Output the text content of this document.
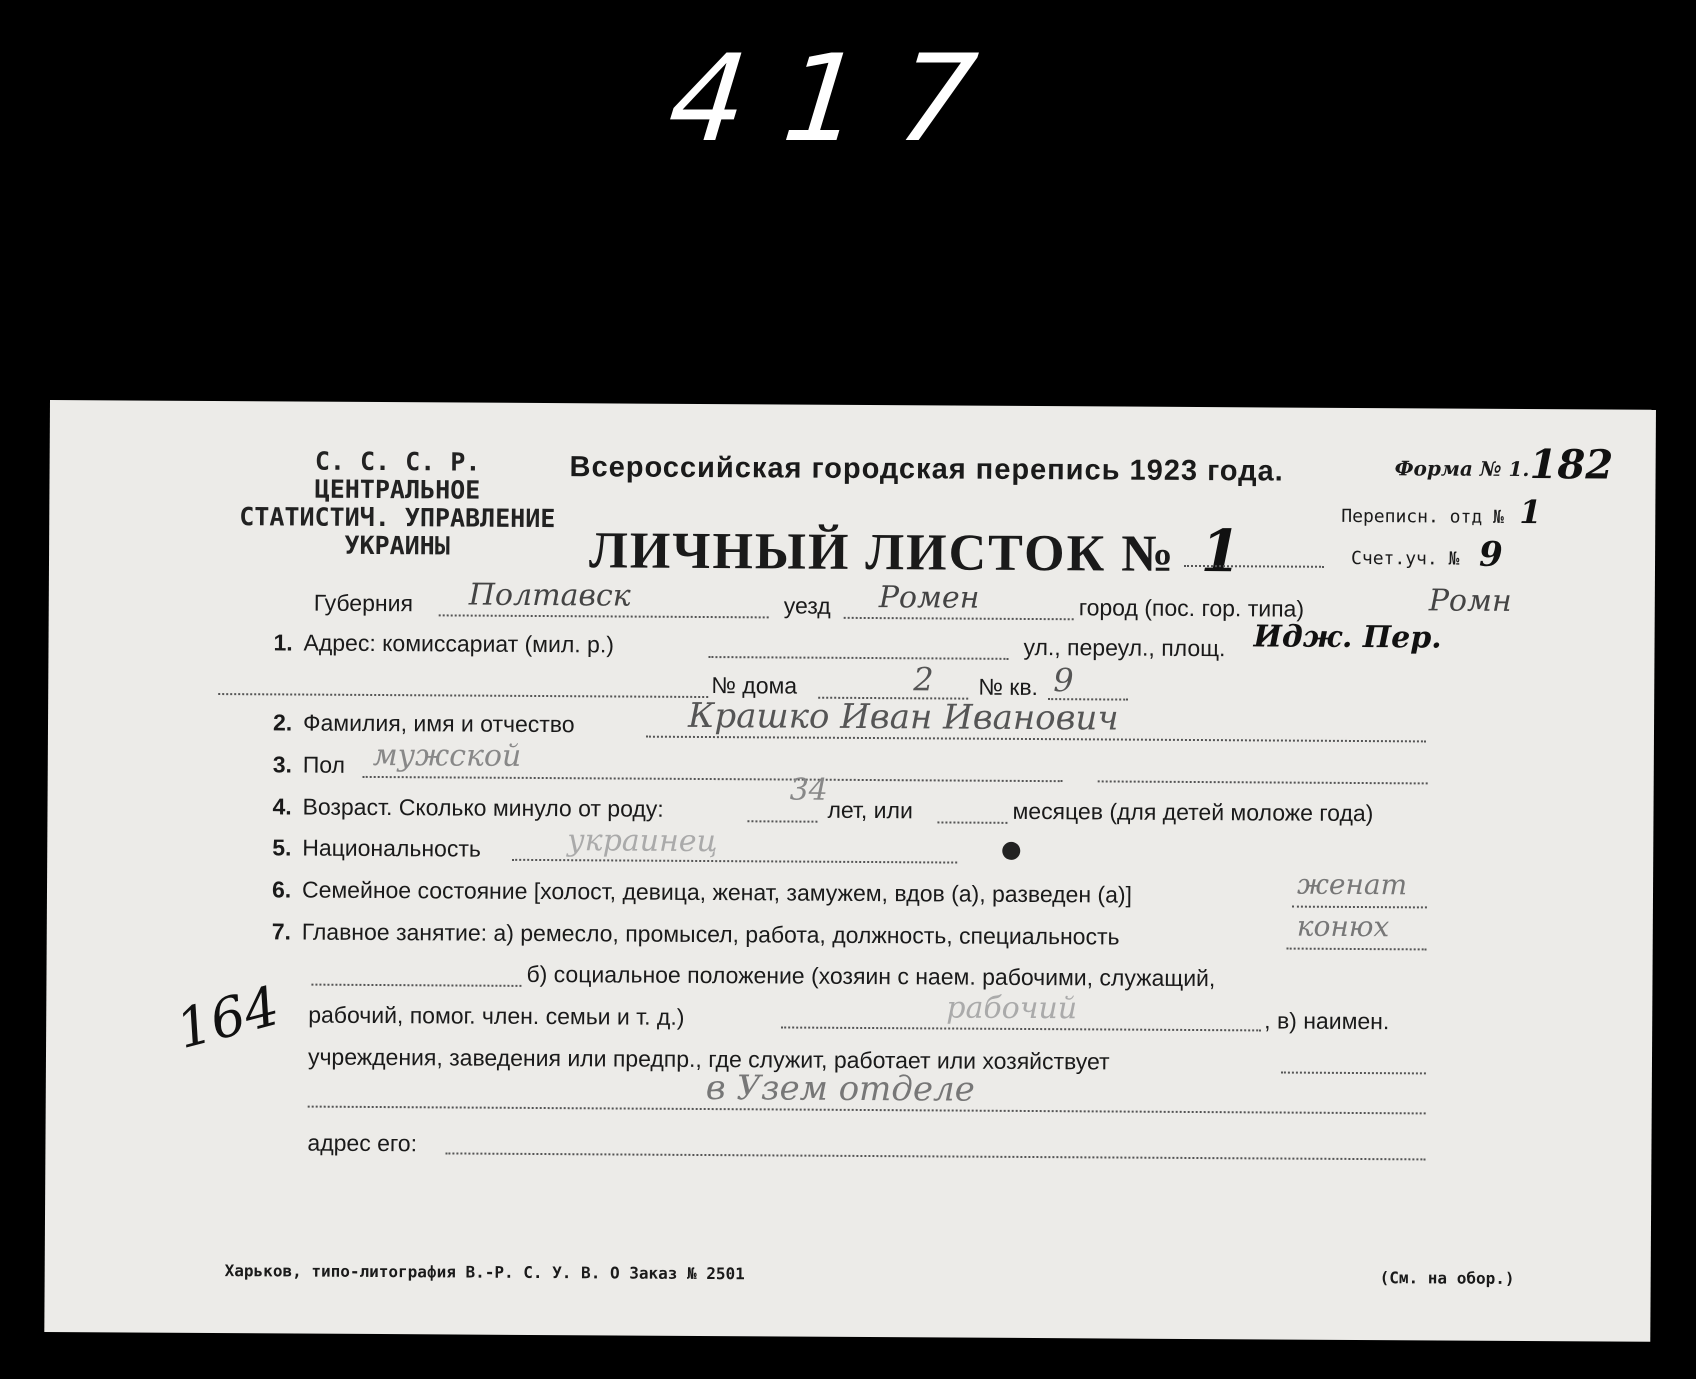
417
С. С. С. Р.
ЦЕНТРАЛЬНОЕ
СТАТИСТИЧ. УПРАВЛЕНИЕ
УКРАИНЫ
Всероссийская городская перепись 1923 года.	Форма № 1. 182
Переписн. отд № 1
Счет.уч. № 9
ЛИЧНЫЙ ЛИСТОК № 1
Губерния Полтавск	уезд Ромен	город (пос. гор. типа)	Ромн
1. Адрес: комиссариат (мил. р.)	ул., переул., площ. Идж. Пер.
№ дома	2 № кв. 9
2. Фамилия, имя и отчество	Крашко Иван Иванович
3. Пол мужской
4. Возраст. Сколько минуло от роду:	34
лет, или	месяцев (для детей моложе года)
5. Национальность	украинец
6. Семейное состояние [холост, девица, женат, замужем, вдов (а), разведен (а)]	женат
7. Главное занятие: а) ремесло, промысел, работа, должность, специальность	конюх
б) социальное положение (хозяин с наем. рабочими, служащий,
рабочий, помог. член. семьи и т. д.)	рабочий	, в) наимен.
учреждения, заведения или предпр., где служит, работает или хозяйствует
в Узем отделе
адрес его:
164
Харьков, типо-литография В.-Р. С. У. В. О Заказ № 2501	(См. на обор.)
